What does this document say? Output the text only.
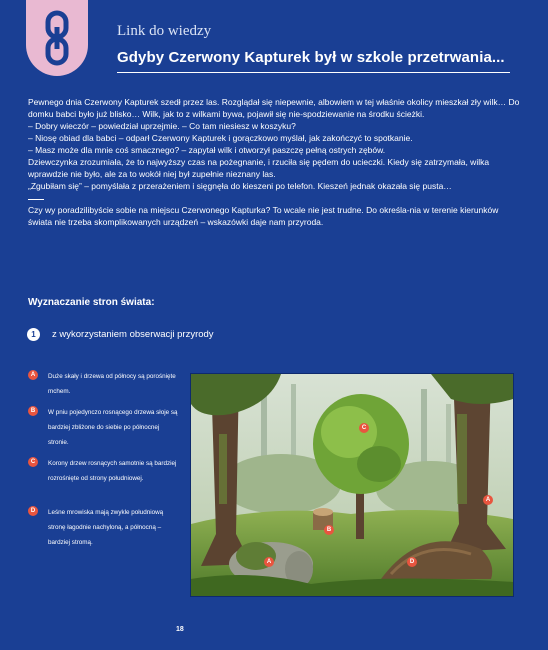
Link do wiedzy
Gdyby Czerwony Kapturek był w szkole przetrwania...

Pewnego dnia Czerwony Kapturek szedł przez las. Rozglądał się niepewnie, albowiem w tej właśnie okolicy mieszkał zły wilk… Do domku babci było już blisko… Wilk, jak to z wilkami bywa, pojawił się nie-spodziewanie na środku ścieżki.

– Dobry wieczór – powiedział uprzejmie. – Co tam niesiesz w koszyku?

– Niosę obiad dla babci – odparł Czerwony Kapturek i gorączkowo myślał, jak zakończyć to spotkanie.

– Masz może dla mnie coś smacznego? – zapytał wilk i otworzył paszczę pełną ostrych zębów.

Dziewczynka zrozumiała, że to najwyższy czas na pożegnanie, i rzuciła się pędem do ucieczki. Kiedy się zatrzymała, wilka wprawdzie nie było, ale za to wokół niej był zupełnie nieznany las.

„Zgubiłam się” – pomyślała z przerażeniem i sięgnęła do kieszeni po telefon. Kieszeń jednak okazała się pusta…

Czy wy poradzilibyście sobie na miejscu Czerwonego Kapturka? To wcale nie jest trudne. Do określa-nia w terenie kierunków świata nie trzeba skomplikowanych urządzeń – wskazówki daje nam przyroda.

Wyznaczanie stron świata:
1	z wykorzystaniem obserwacji przyrody
A	Duże skały i drzewa od północy są porośnięte mchem.
B	W pniu pojedynczo rosnącego drzewa słoje są bardziej zbliżone do siebie po północnej stronie.
C	Korony drzew rosnących samotnie są bardziej rozrośnięte od strony południowej.
D	Leśne mrowiska mają zwykle południową stronę łagodnie nachyloną, a północną – bardziej stromą.
C
B
A
A
D
18
